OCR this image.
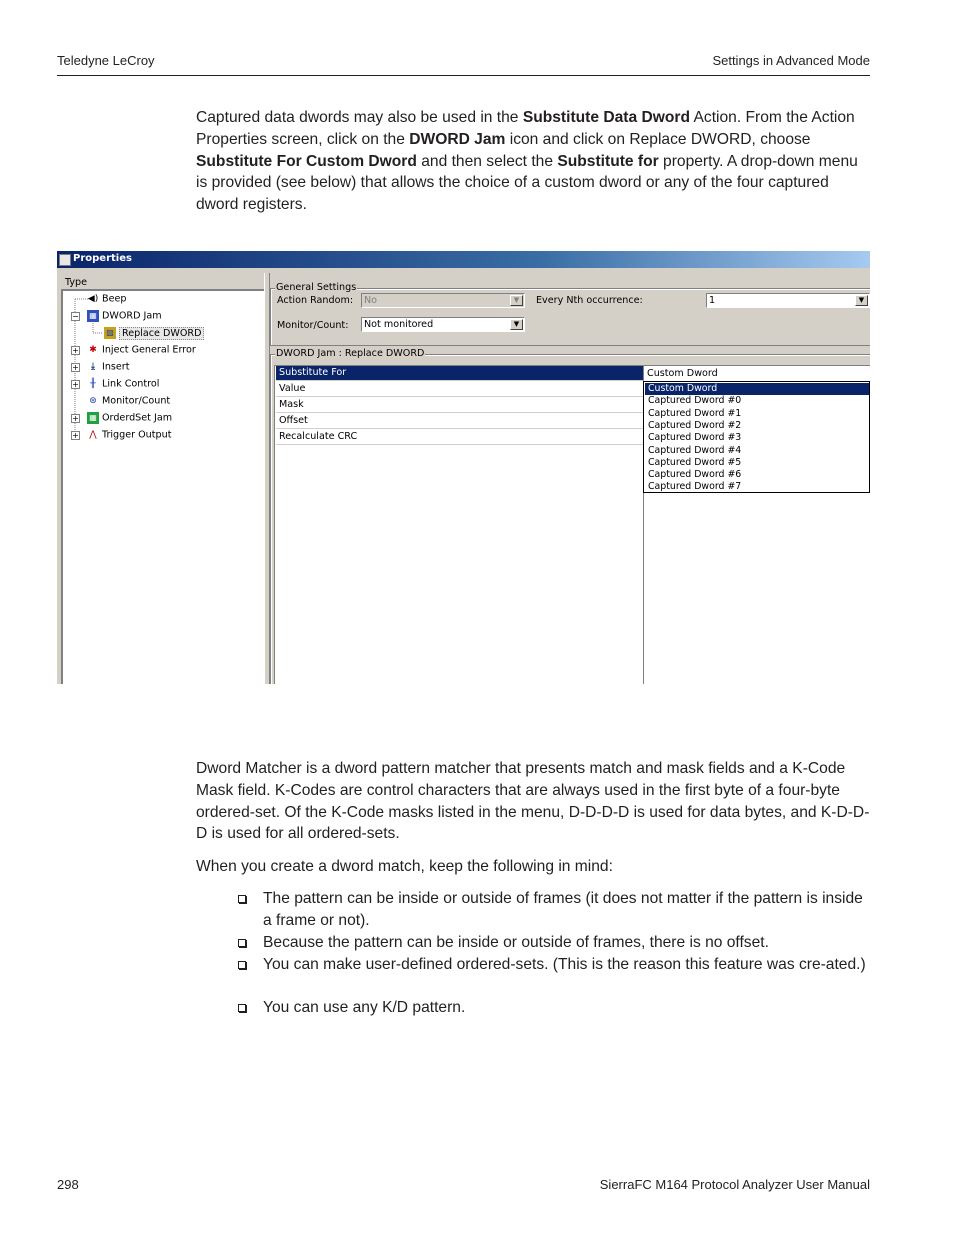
Teledyne LeCroy	Settings in Advanced Mode
Captured data dwords may also be used in the Substitute Data Dword Action. From the Action Properties screen, click on the DWORD Jam icon and click on Replace DWORD, choose Substitute For Custom Dword and then select the Substitute for property. A drop-down menu is provided (see below) that allows the choice of a custom dword or any of the four captured dword registers.
Properties
Type
−
+
+
+
+
+
◀) Beep
▦ DWORD Jam
▨ Replace DWORD
✱ Inject General Error
⤓ Insert
╫ Link Control
⊛ Monitor/Count
▦ OrderdSet Jam
⋀ Trigger Output
General Settings
Action Random: No	▼	Every Nth occurrence:	1	▼
Monitor/Count: Not monitored	▼
DWORD Jam : Replace DWORD
Substitute For
Value
Mask
Offset
Recalculate CRC
Custom Dword
Custom Dword
Captured Dword #0
Captured Dword #1
Captured Dword #2
Captured Dword #3
Captured Dword #4
Captured Dword #5
Captured Dword #6
Captured Dword #7
Dword Matcher is a dword pattern matcher that presents match and mask fields and a K-Code Mask field. K-Codes are control characters that are always used in the first byte of a four-byte ordered-set. Of the K-Code masks listed in the menu, D-D-D-D is used for data bytes, and K-D-D-D is used for all ordered-sets.
When you create a dword match, keep the following in mind:
The pattern can be inside or outside of frames (it does not matter if the pattern is inside a frame or not).
Because the pattern can be inside or outside of frames, there is no offset.
You can make user-defined ordered-sets. (This is the reason this feature was cre-ated.)
You can use any K/D pattern.
298	SierraFC M164 Protocol Analyzer User Manual
